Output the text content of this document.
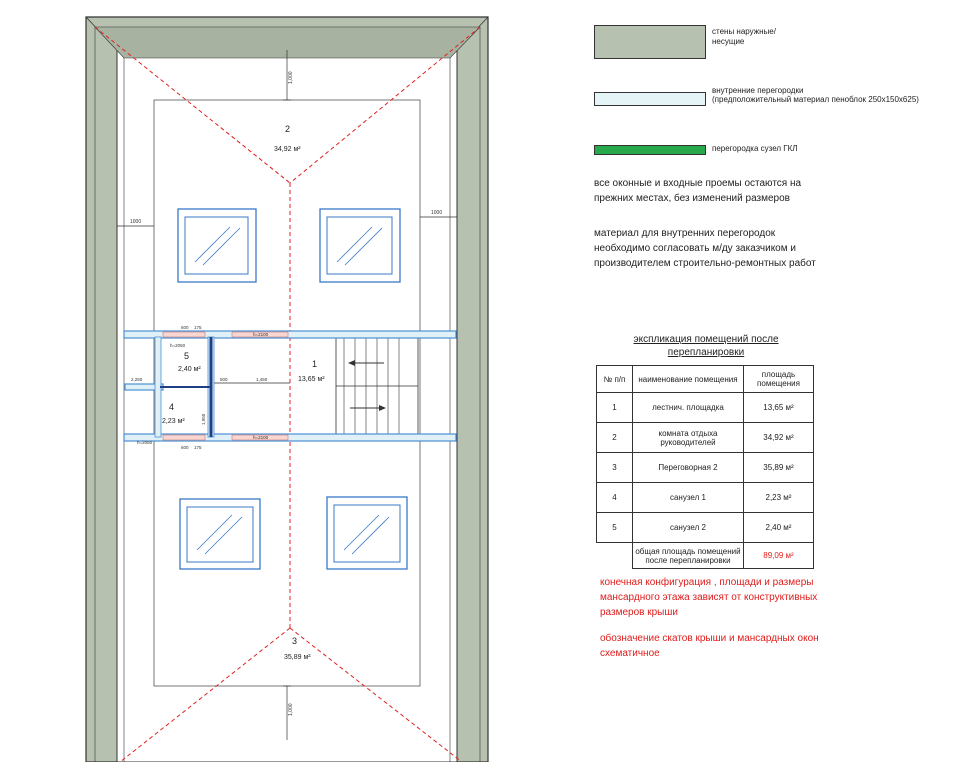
1,000
1000
1000
1,000
h=2100
h=2100
h=2050
h=2050
600 175
600 175
1,450
2,250
1,950
500
2
34,92 м²
1
13,65 м²
5
2,40 м²
4
2,23 м²
3
35,89 м²
стены наружные/несущие
внутренние перегородки
(предположительный материал пеноблок 250х150х625)
перегородка сузел ГКЛ
все оконные и входные проемы остаются на прежних местах, без изменений размеров
материал для внутренних перегородок необходимо согласовать м/ду заказчиком и производителем строительно-ремонтных работ
экспликация помещений после
перепланировки
№ п/п	наименование помещения	площадь помещения
1	лестнич. площадка	13,65 м²
2	комната отдыха руководителей	34,92 м²
3	Переговорная 2	35,89 м²
4	санузел 1	2,23 м²
5	санузел 2	2,40 м²
	общая площадь помещений после перепланировки	89,09 м²
конечная конфигурация , площади и размеры мансардного этажа зависят от конструктивных размеров крыши
обозначение скатов крыши и мансардных окон схематичное
